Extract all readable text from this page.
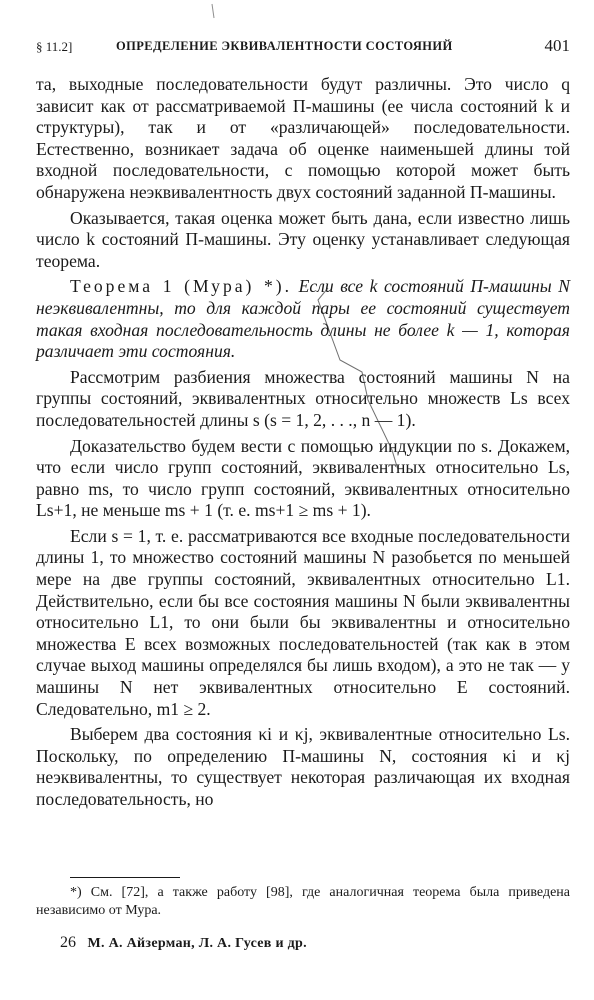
§ 11.2]	ОПРЕДЕЛЕНИЕ ЭКВИВАЛЕНТНОСТИ СОСТОЯНИЙ	401

та, выходные последовательности будут различны. Это число q зависит как от рассматриваемой П-машины (ее числа состояний k и структуры), так и от «различающей» последовательности. Естественно, возникает задача об оценке наименьшей длины той входной последовательности, с помощью которой может быть обнаружена неэквивалентность двух состояний заданной П-машины.

Оказывается, такая оценка может быть дана, если известно лишь число k состояний П-машины. Эту оценку устанавливает следующая теорема.

Теорема 1 (Мура) *). Если все k состояний П-машины N неэквивалентны, то для каждой пары ее состояний существует такая входная последовательность длины не более k — 1, которая различает эти состояния.

Рассмотрим разбиения множества состояний машины N на группы состояний, эквивалентных относительно множеств Ls всех последовательностей длины s (s = 1, 2, . . ., n — 1).

Доказательство будем вести с помощью индукции по s. Докажем, что если число групп состояний, эквивалентных относительно Ls, равно ms, то число групп состояний, эквивалентных относительно Ls+1, не меньше ms + 1 (т. е. ms+1 ≥ ms + 1).

Если s = 1, т. е. рассматриваются все входные последовательности длины 1, то множество состояний машины N разобьется по меньшей мере на две группы состояний, эквивалентных относительно L1. Действительно, если бы все состояния машины N были эквивалентны относительно L1, то они были бы эквивалентны и относительно множества E всех возможных последовательностей (так как в этом случае выход машины определялся бы лишь входом), а это не так — у машины N нет эквивалентных относительно E состояний. Следовательно, m1 ≥ 2.

Выберем два состояния κi и κj, эквивалентные относительно Ls. Поскольку, по определению П-машины N, состояния κi и κj неэквивалентны, то существует некоторая различающая их входная последовательность, но

*) См. [72], а также работу [98], где аналогичная теорема была приведена независимо от Мура.

26 М. А. Айзерман, Л. А. Гусев и др.
